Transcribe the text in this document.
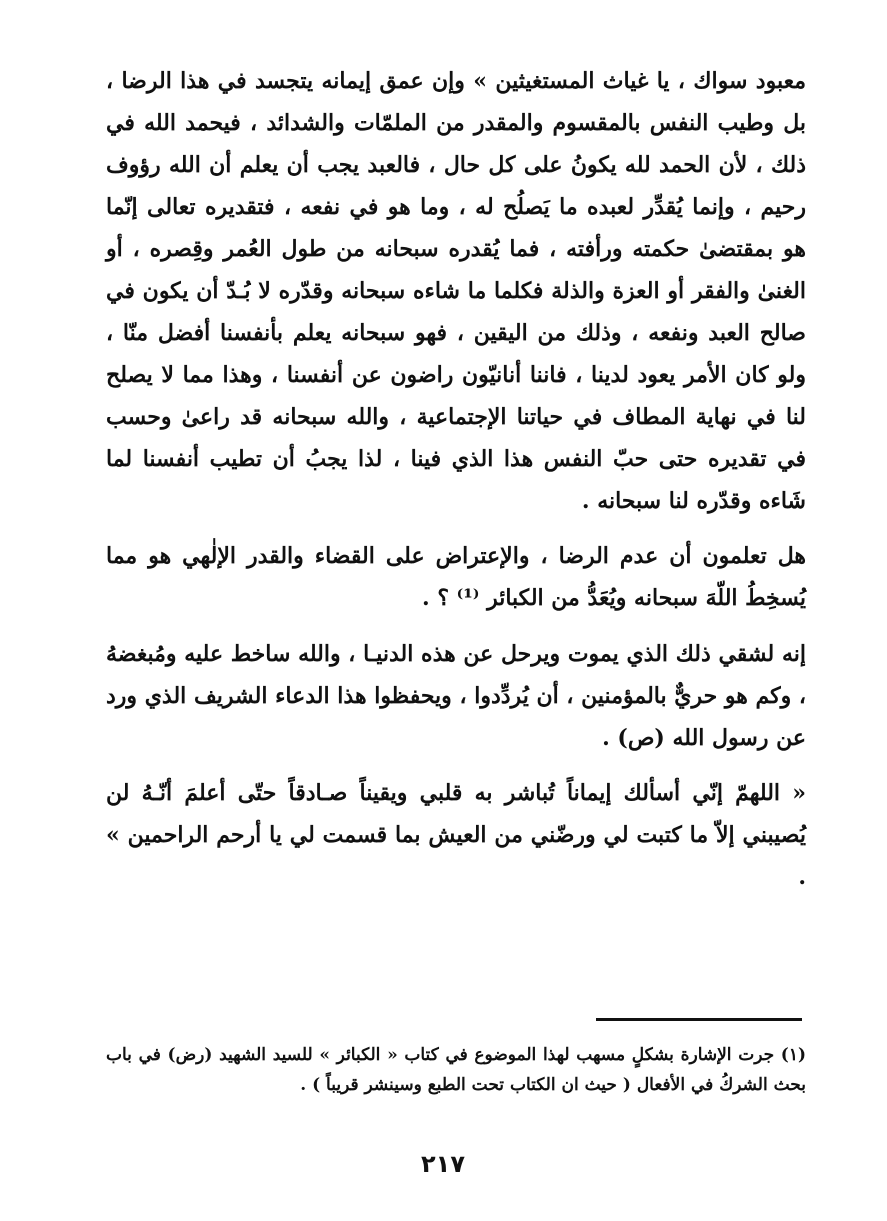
معبود سواك ، يا غياث المستغيثين » وإن عمق إيمانه يتجسد في هذا الرضا ، بل وطيب النفس بالمقسوم والمقدر من الملمّات والشدائد ، فيحمد الله في ذلك ، لأن الحمد لله يكونُ على كل حال ، فالعبد يجب أن يعلم أن الله رؤوف رحيم ، وإنما يُقدِّر لعبده ما يَصلُح له ، وما هو في نفعه ، فتقديره تعالى إنّما هو بمقتضىٰ حكمته ورأفته ، فما يُقدره سبحانه من طول العُمر وقِصره ، أو الغنىٰ والفقر أو العزة والذلة فكلما ما شاءه سبحانه وقدّره لا بُـدّ أن يكون في صالح العبد ونفعه ، وذلك من اليقين ، فهو سبحانه يعلم بأنفسنا أفضل منّا ، ولو كان الأمر يعود لدينا ، فاننا أنانيّون راضون عن أنفسنا ، وهذا مما لا يصلح لنا في نهاية المطاف في حياتنا الإجتماعية ، والله سبحانه قد راعىٰ وحسب في تقديره حتى حبّ النفس هذا الذي فينا ، لذا يجبُ أن تطيب أنفسنا لما شَاءه وقدّره لنا سبحانه .

هل تعلمون أن عدم الرضا ، والإعتراض على القضاء والقدر الإلٰهي هو مما يُسخِطُ اللّهَ سبحانه ويُعَدُّ من الكبائر ⁽¹⁾ ؟ .

إنه لشقي ذلك الذي يموت ويرحل عن هذه الدنيـا ، والله ساخط عليه ومُبغضهُ ، وكم هو حريٌّ بالمؤمنين ، أن يُردِّدوا ، ويحفظوا هذا الدعاء الشريف الذي ورد عن رسول الله (ص) .

« اللهمّ إنّي أسألك إيماناً تُباشر به قلبي ويقيناً صـادقاً حتّى أعلمَ أنّـهُ لن يُصيبني إلاّ ما كتبت لي ورضّني من العيش بما قسمت لي يا أرحم الراحمين » .

(١) جرت الإشارة بشكلٍ مسهب لهذا الموضوع في كتاب « الكبائر » للسيد الشهيد (رض) في باب بحث الشركُ في الأفعال ( حيث ان الكتاب تحت الطبع وسينشر قريباً ) .

٢١٧
